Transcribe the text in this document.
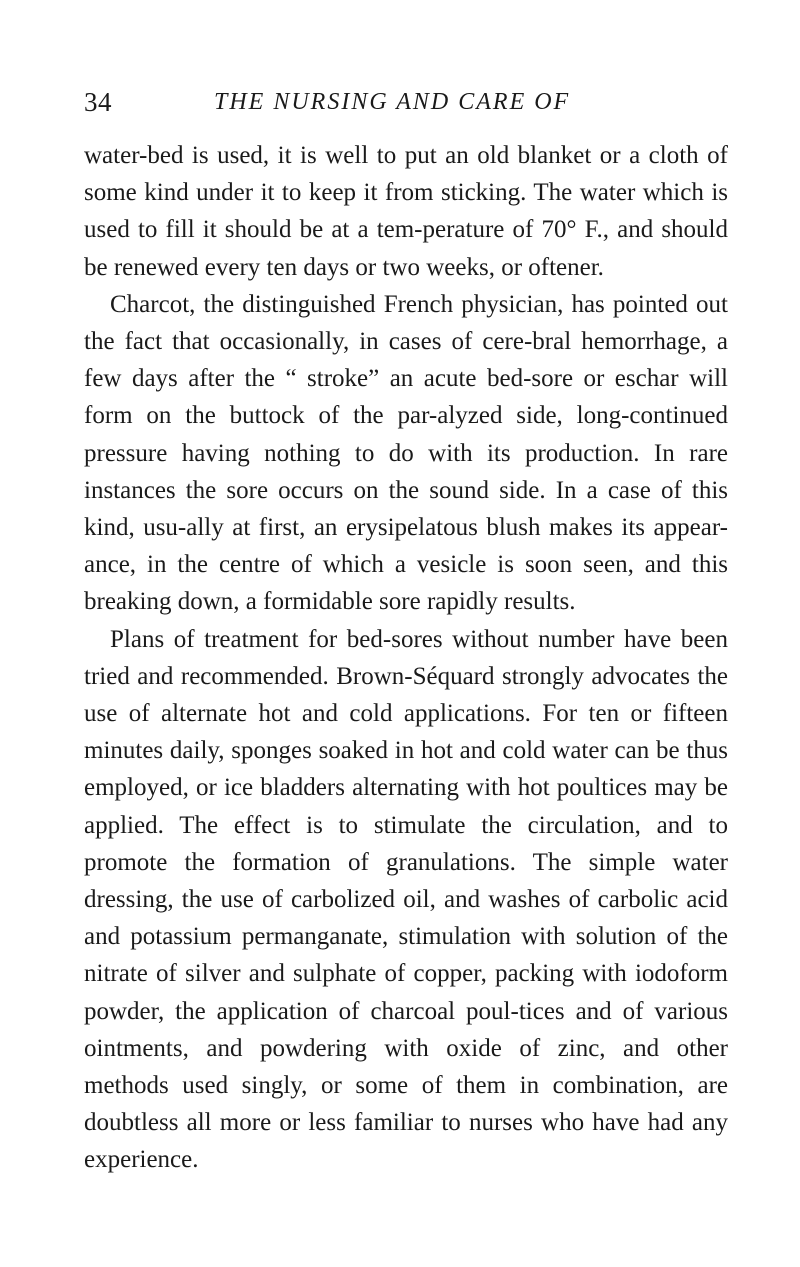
34	THE NURSING AND CARE OF

water-bed is used, it is well to put an old blanket or a cloth of some kind under it to keep it from sticking. The water which is used to fill it should be at a tem-perature of 70° F., and should be renewed every ten days or two weeks, or oftener.

Charcot, the distinguished French physician, has pointed out the fact that occasionally, in cases of cere-bral hemorrhage, a few days after the “ stroke” an acute bed-sore or eschar will form on the buttock of the par-alyzed side, long-continued pressure having nothing to do with its production. In rare instances the sore occurs on the sound side. In a case of this kind, usu-ally at first, an erysipelatous blush makes its appear-ance, in the centre of which a vesicle is soon seen, and this breaking down, a formidable sore rapidly results.

Plans of treatment for bed-sores without number have been tried and recommended. Brown-Séquard strongly advocates the use of alternate hot and cold applications. For ten or fifteen minutes daily, sponges soaked in hot and cold water can be thus employed, or ice bladders alternating with hot poultices may be applied. The effect is to stimulate the circulation, and to promote the formation of granulations. The simple water dressing, the use of carbolized oil, and washes of carbolic acid and potassium permanganate, stimulation with solution of the nitrate of silver and sulphate of copper, packing with iodoform powder, the application of charcoal poul-tices and of various ointments, and powdering with oxide of zinc, and other methods used singly, or some of them in combination, are doubtless all more or less familiar to nurses who have had any experience.
